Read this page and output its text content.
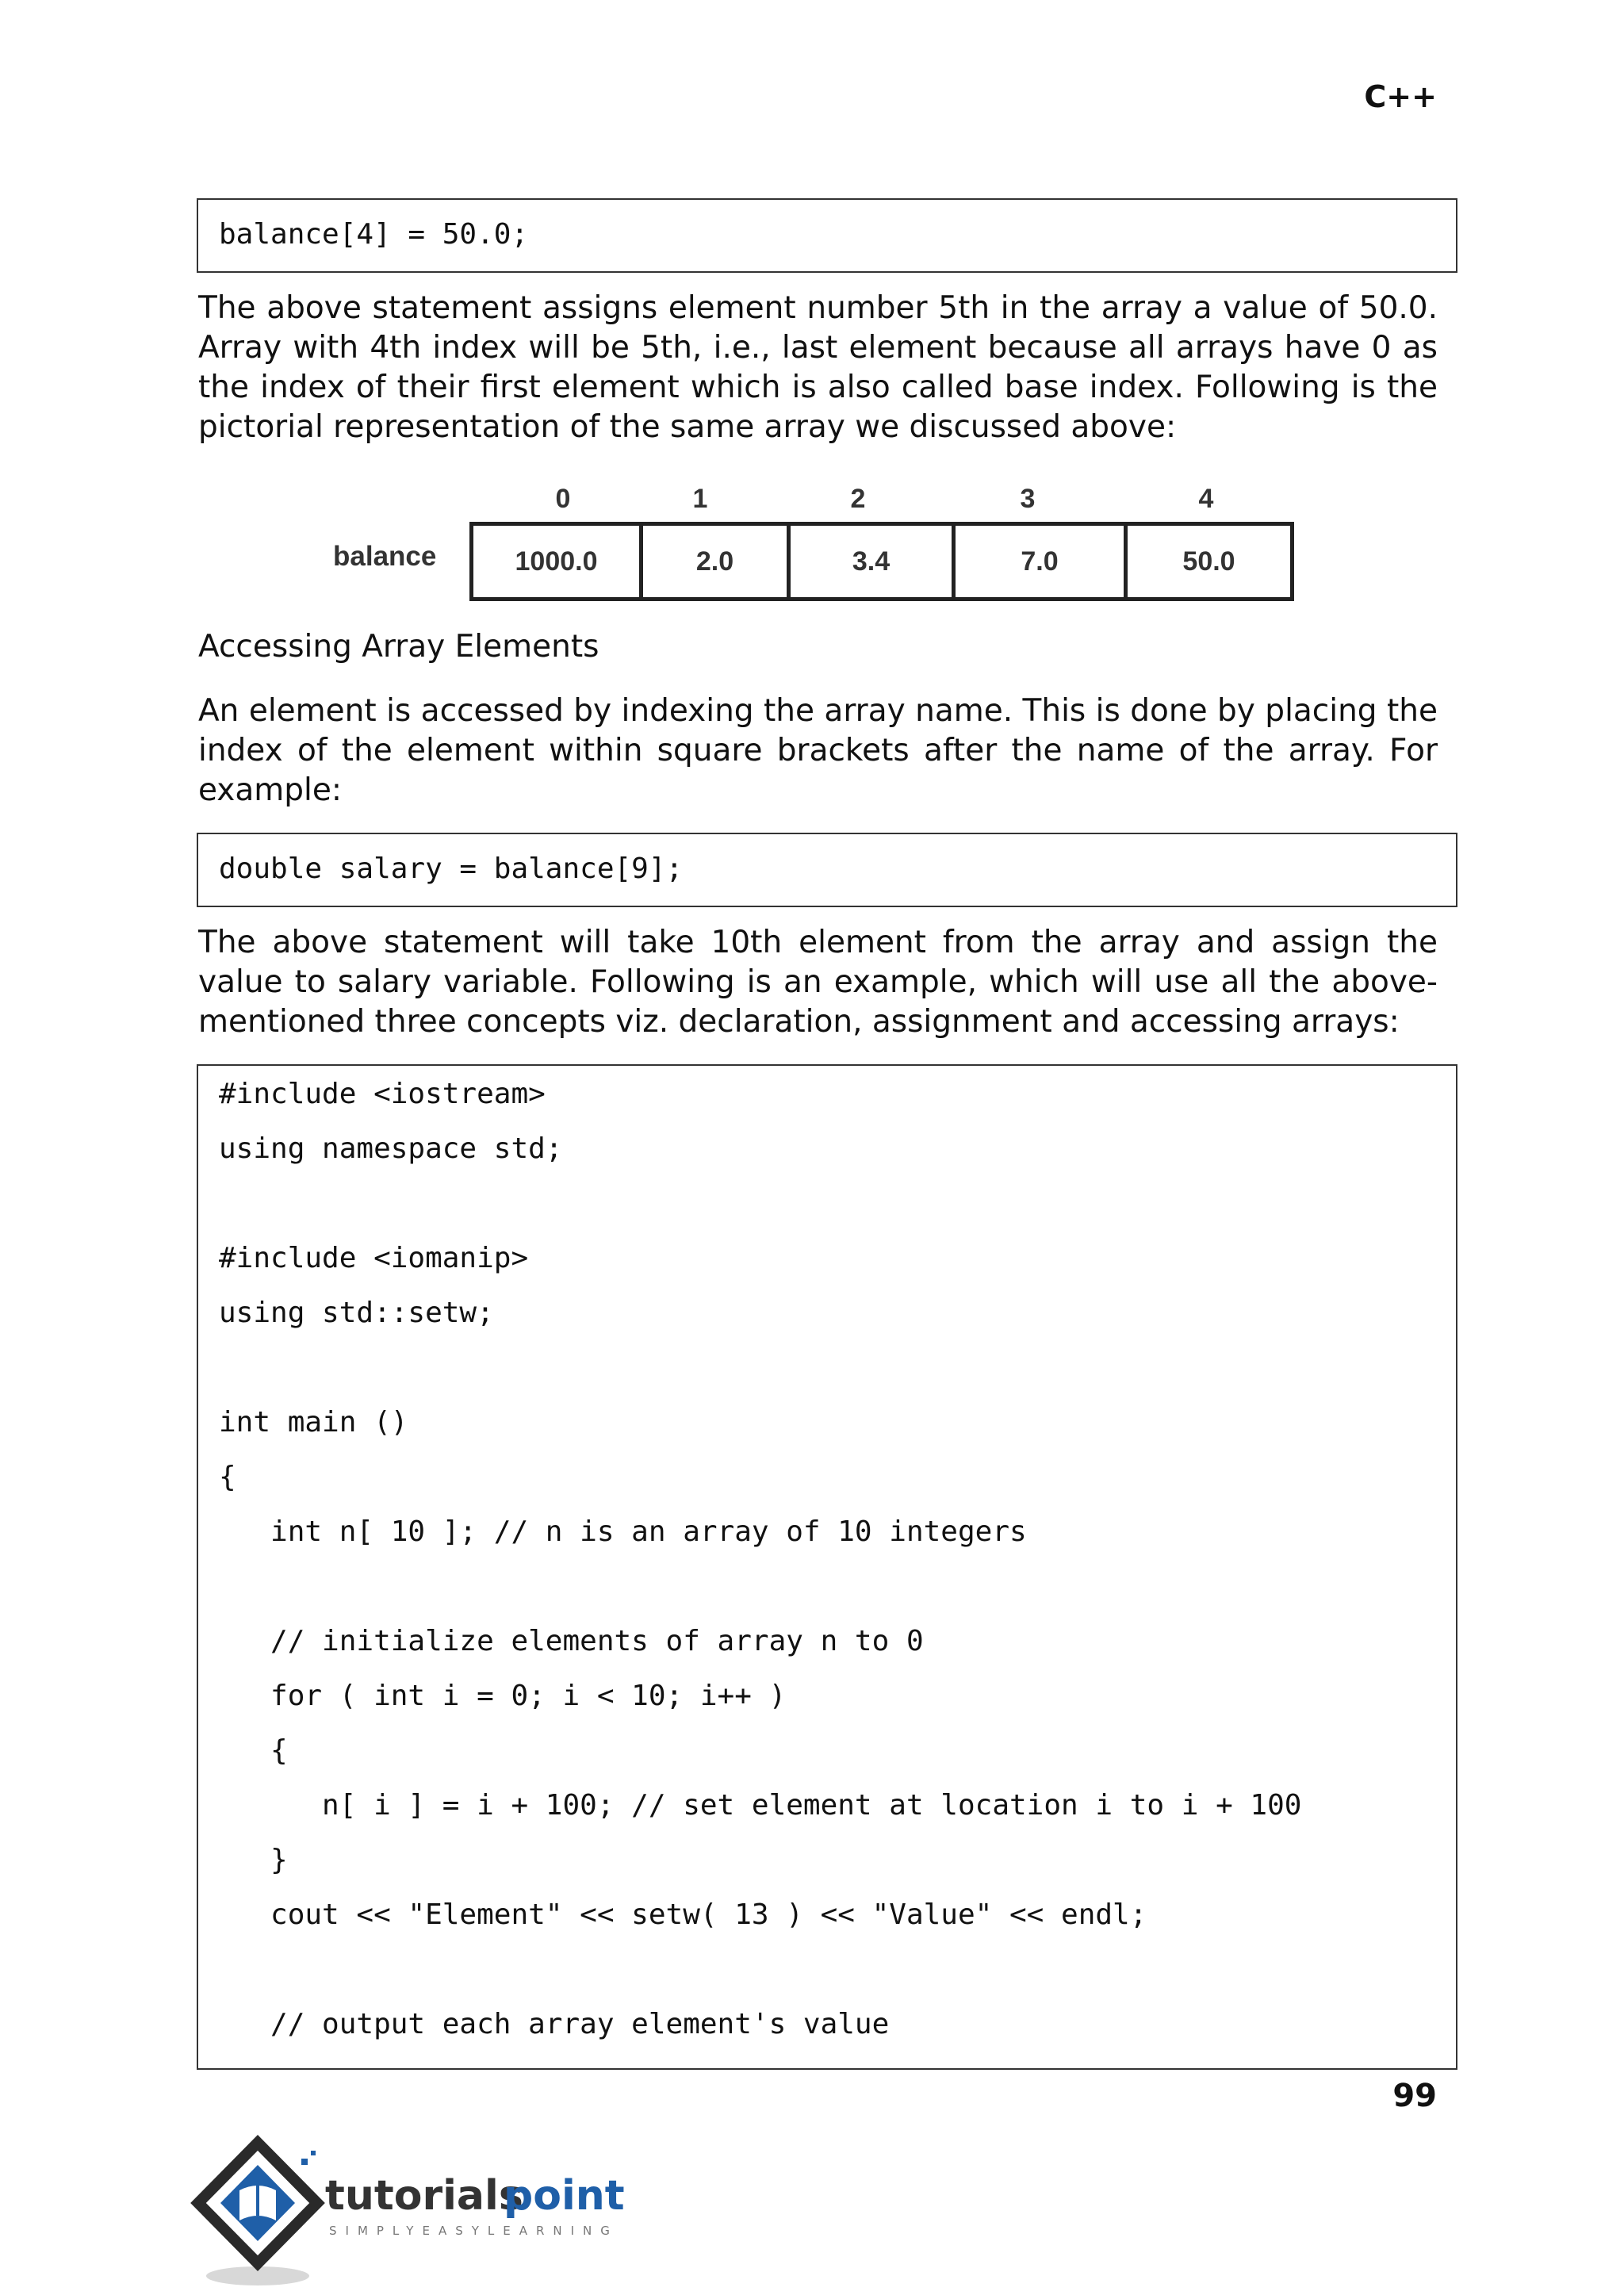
C++
balance[4] = 50.0;
The above statement assigns element number 5th in the array a value of 50.0. Array with 4th index will be 5th, i.e., last element because all arrays have 0 as the index of their first element which is also called base index. Following is the pictorial representation of the same array we discussed above:
0	1	2	3	4
balance	1000.0	2.0	3.4	7.0	50.0
Accessing Array Elements
An element is accessed by indexing the array name. This is done by placing the index of the element within square brackets after the name of the array. For example:
double salary = balance[9];
The above statement will take 10th element from the array and assign the value to salary variable. Following is an example, which will use all the above-mentioned three concepts viz. declaration, assignment and accessing arrays:
#include <iostream>
using namespace std;
#include <iomanip>
using std::setw;
int main ()
{
int n[ 10 ]; // n is an array of 10 integers
// initialize elements of array n to 0
for ( int i = 0; i < 10; i++ )
{
n[ i ] = i + 100; // set element at location i to i + 100
}
cout << "Element" << setw( 13 ) << "Value" << endl;
// output each array element's value
99
tutorials
point
SIMPLYEASYLEARNING
